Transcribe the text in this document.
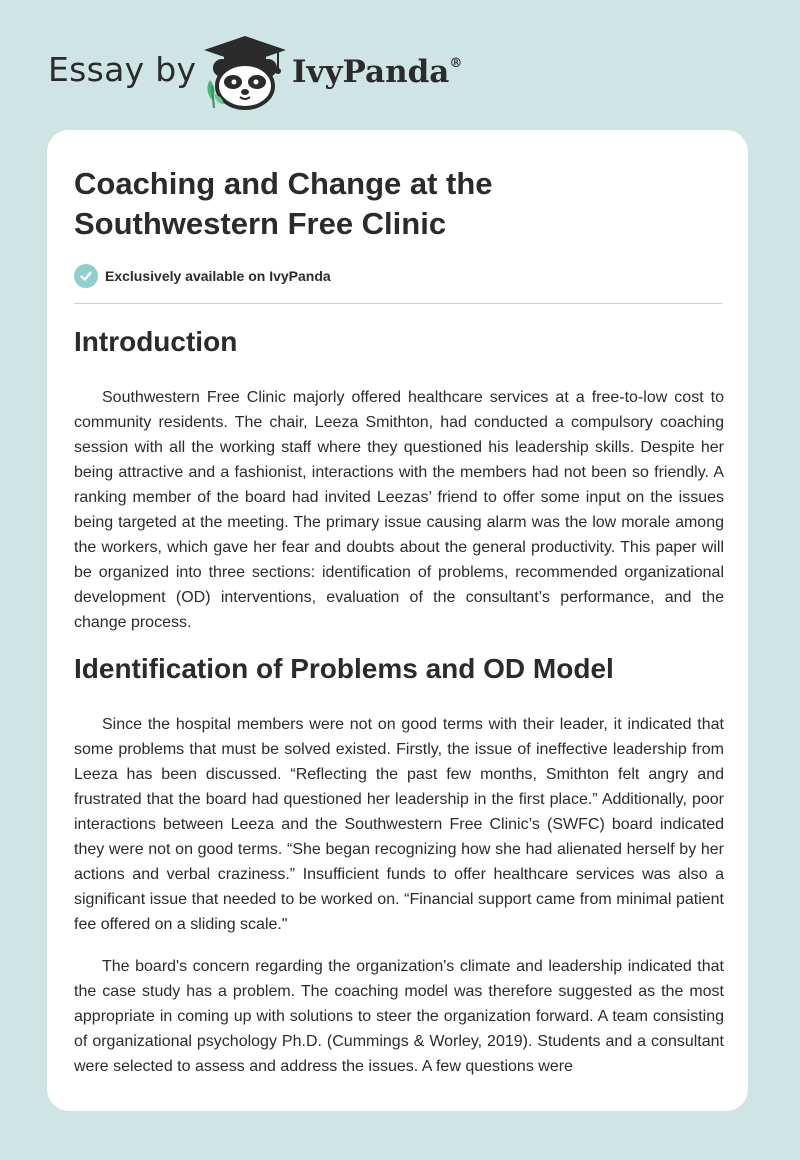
Essay by	IvyPanda®
Coaching and Change at the Southwestern Free Clinic
Exclusively available on IvyPanda
Introduction

Southwestern Free Clinic majorly offered healthcare services at a free-to-low cost to community residents. The chair, Leeza Smithton, had conducted a compulsory coaching session with all the working staff where they questioned his leadership skills. Despite her being attractive and a fashionist, interactions with the members had not been so friendly. A ranking member of the board had invited Leezas’ friend to offer some input on the issues being targeted at the meeting. The primary issue causing alarm was the low morale among the workers, which gave her fear and doubts about the general productivity. This paper will be organized into three sections: identification of problems, recommended organizational development (OD) interventions, evaluation of the consultant’s performance, and the change process.

Identification of Problems and OD Model

Since the hospital members were not on good terms with their leader, it indicated that some problems that must be solved existed. Firstly, the issue of ineffective leadership from Leeza has been discussed. “Reflecting the past few months, Smithton felt angry and frustrated that the board had questioned her leadership in the first place.” Additionally, poor interactions between Leeza and the Southwestern Free Clinic’s (SWFC) board indicated they were not on good terms. “She began recognizing how she had alienated herself by her actions and verbal craziness.” Insufficient funds to offer healthcare services was also a significant issue that needed to be worked on. “Financial support came from minimal patient fee offered on a sliding scale."

The board's concern regarding the organization's climate and leadership indicated that the case study has a problem. The coaching model was therefore suggested as the most appropriate in coming up with solutions to steer the organization forward. A team consisting of organizational psychology Ph.D. (Cummings & Worley, 2019). Students and a consultant were selected to assess and address the issues. A few questions were
